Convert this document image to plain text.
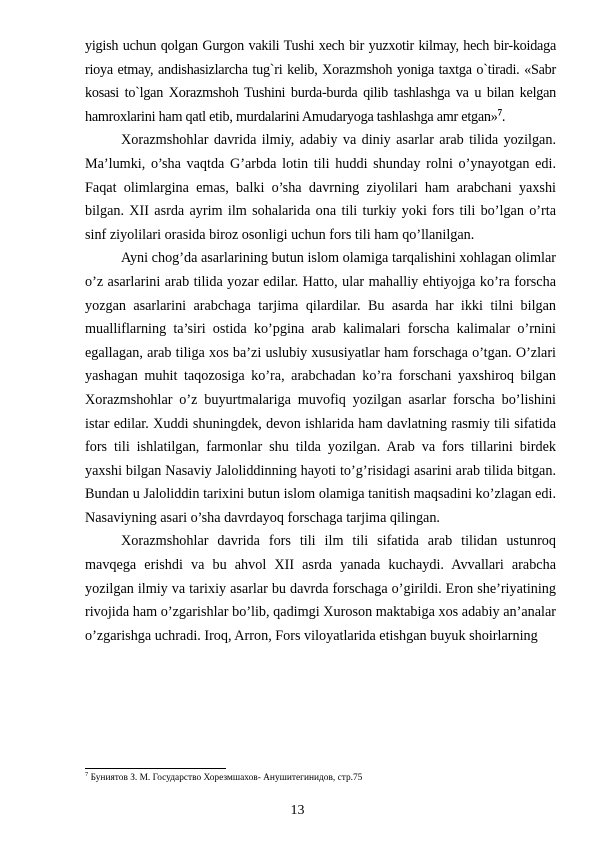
yigish uchun qolgan Gurgon vakili Tushi xech bir yuzxotir kilmay, hech bir-koidaga rioya etmay, andishasizlarcha tug`ri kelib, Xorazmshoh yoniga taxtga o`tiradi. «Sabr kosasi to`lgan Xorazmshoh Tushini burda-burda qilib tashlashga va u bilan kelgan hamroxlarini ham qatl etib, murdalarini Amudaryoga tashlashga amr etgan»$^7$.

Xorazmshohlar davrida ilmiy, adabiy va diniy asarlar arab tilida yozilgan. Ma’lumki, o’sha vaqtda G’arbda lotin tili huddi shunday rolni o’ynayotgan edi. Faqat olimlargina emas, balki o’sha davrning ziyolilari ham arabchani yaxshi bilgan. XII asrda ayrim ilm sohalarida ona tili turkiy yoki fors tili bo’lgan o’rta sinf ziyolilari orasida biroz osonligi uchun fors tili ham qo’llanilgan.

Ayni chog’da asarlarining butun islom olamiga tarqalishini xohlagan olimlar o’z asarlarini arab tilida yozar edilar. Hatto, ular mahalliy ehtiyojga ko’ra forscha yozgan asarlarini arabchaga tarjima qilardilar. Bu asarda har ikki tilni bilgan mualliflarning ta’siri ostida ko’pgina arab kalimalari forscha kalimalar o’rnini egallagan, arab tiliga xos ba’zi uslubiy xususiyatlar ham forschaga o’tgan. O’zlari yashagan muhit taqozosiga ko’ra, arabchadan ko’ra forschani yaxshiroq bilgan Xorazmshohlar o’z buyurtmalariga muvofiq yozilgan asarlar forscha bo’lishini istar edilar. Xuddi shuningdek, devon ishlarida ham davlatning rasmiy tili sifatida fors tili ishlatilgan, farmonlar shu tilda yozilgan. Arab va fors tillarini birdek yaxshi bilgan Nasaviy Jaloliddinning hayoti to’g’risidagi asarini arab tilida bitgan. Bundan u Jaloliddin tarixini butun islom olamiga tanitish maqsadini ko’zlagan edi. Nasaviyning asari o’sha davrdayoq forschaga tarjima qilingan.

Xorazmshohlar davrida fors tili ilm tili sifatida arab tilidan ustunroq mavqega erishdi va bu ahvol XII asrda yanada kuchaydi. Avvallari arabcha yozilgan ilmiy va tarixiy asarlar bu davrda forschaga o’girildi. Eron she’riyatining rivojida ham o’zgarishlar bo’lib, qadimgi Xuroson maktabiga xos adabiy an’analar o’zgarishga uchradi. Iroq, Arron, Fors viloyatlarida etishgan buyuk shoirlarning

$^7$ Буниятов З. М. Государство Хорезмшахов- Анушитегинидов, стр.75
13
